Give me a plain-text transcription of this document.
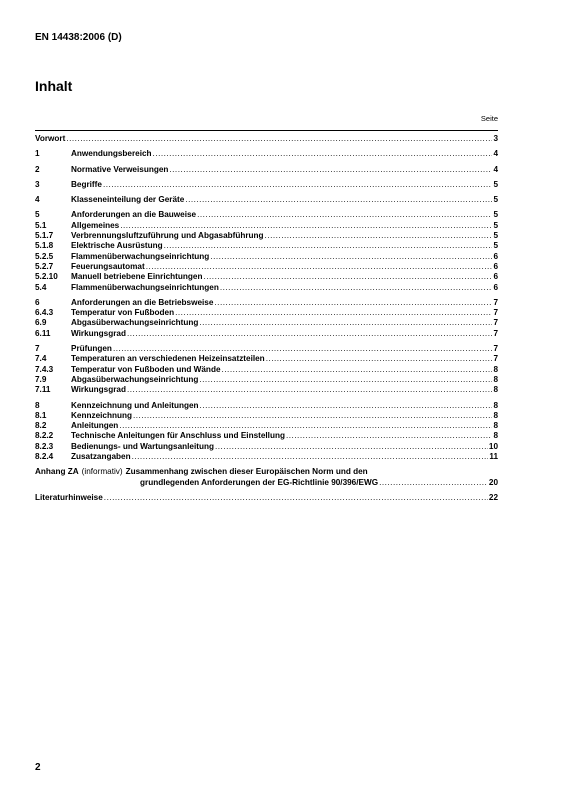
EN 14438:2006 (D)
Inhalt
Seite
Vorwort .....	3
1	Anwendungsbereich .....	4
2	Normative Verweisungen .....	4
3	Begriffe .....	5
4	Klasseneinteilung der Geräte .....	5
5	Anforderungen an die Bauweise .....	5
5.1	Allgemeines .....	5
5.1.7	Verbrennungsluftzuführung und Abgasabführung .....	5
5.1.8	Elektrische Ausrüstung .....	5
5.2.5	Flammenüberwachungseinrichtung .....	6
5.2.7	Feuerungsautomat .....	6
5.2.10	Manuell betriebene Einrichtungen .....	6
5.4	Flammenüberwachungseinrichtungen .....	6
6	Anforderungen an die Betriebsweise .....	7
6.4.3	Temperatur von Fußboden .....	7
6.9	Abgasüberwachungseinrichtung .....	7
6.11	Wirkungsgrad .....	7
7	Prüfungen .....	7
7.4	Temperaturen an verschiedenen Heizeinsatzteilen .....	7
7.4.3	Temperatur von Fußboden und Wände .....	8
7.9	Abgasüberwachungseinrichtung .....	8
7.11	Wirkungsgrad .....	8
8	Kennzeichnung und Anleitungen .....	8
8.1	Kennzeichnung .....	8
8.2	Anleitungen .....	8
8.2.2	Technische Anleitungen für Anschluss und Einstellung .....	8
8.2.3	Bedienungs- und Wartungsanleitung .....	10
8.2.4	Zusatzangaben .....	11
Anhang ZA (informativ) Zusammenhang zwischen dieser Europäischen Norm und den
grundlegenden Anforderungen der EG-Richtlinie 90/396/EWG .....	20
Literaturhinweise .....	22
2
